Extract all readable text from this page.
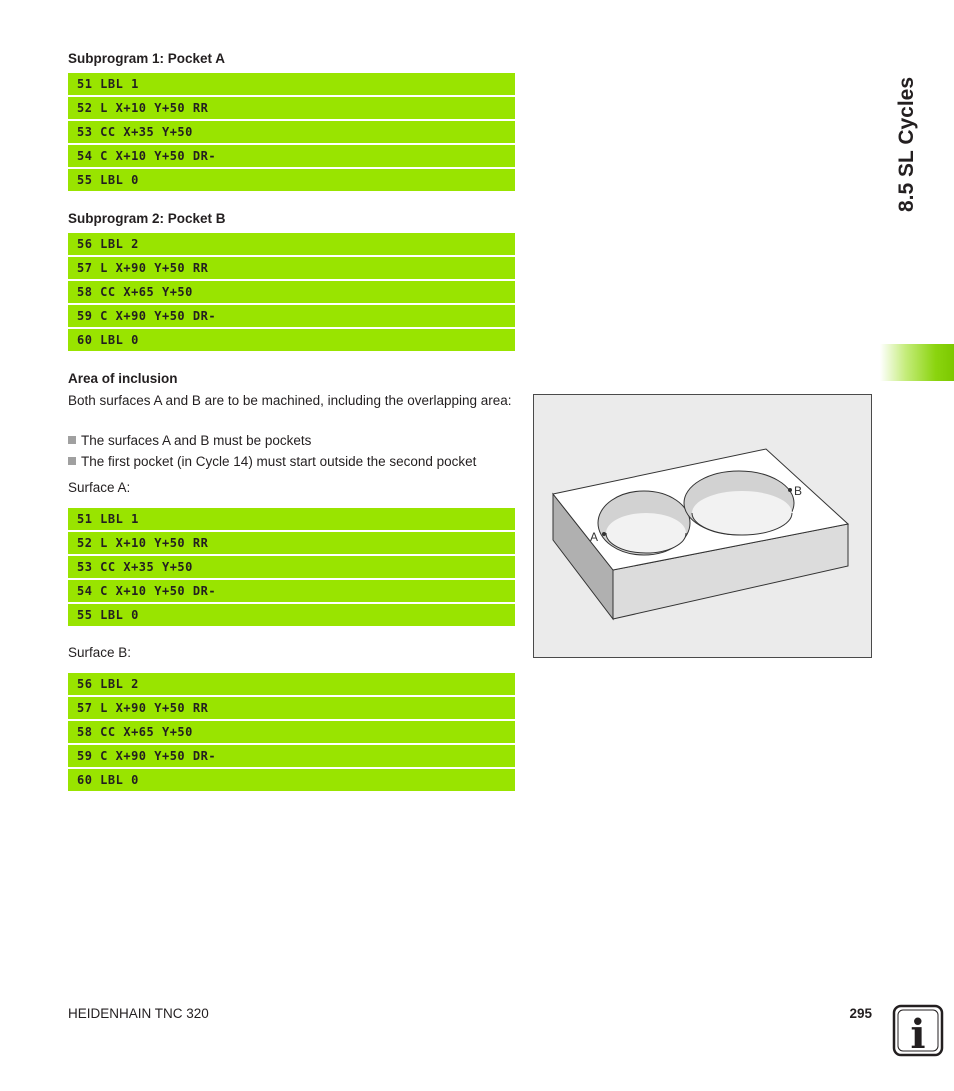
8.5 SL Cycles
Subprogram 1: Pocket A
51 LBL 1
52 L X+10 Y+50 RR
53 CC X+35 Y+50
54 C X+10 Y+50 DR-
55 LBL 0
Subprogram 2: Pocket B
56 LBL 2
57 L X+90 Y+50 RR
58 CC X+65 Y+50
59 C X+90 Y+50 DR-
60 LBL 0
Area of inclusion
Both surfaces A and B are to be machined, including the overlapping area:
The surfaces A and B must be pockets
The first pocket (in Cycle 14) must start outside the second pocket
Surface A:
51 LBL 1
52 L X+10 Y+50 RR
53 CC X+35 Y+50
54 C X+10 Y+50 DR-
55 LBL 0
Surface B:
56 LBL 2
57 L X+90 Y+50 RR
58 CC X+65 Y+50
59 C X+90 Y+50 DR-
60 LBL 0
A
B
HEIDENHAIN TNC 320	295 i
